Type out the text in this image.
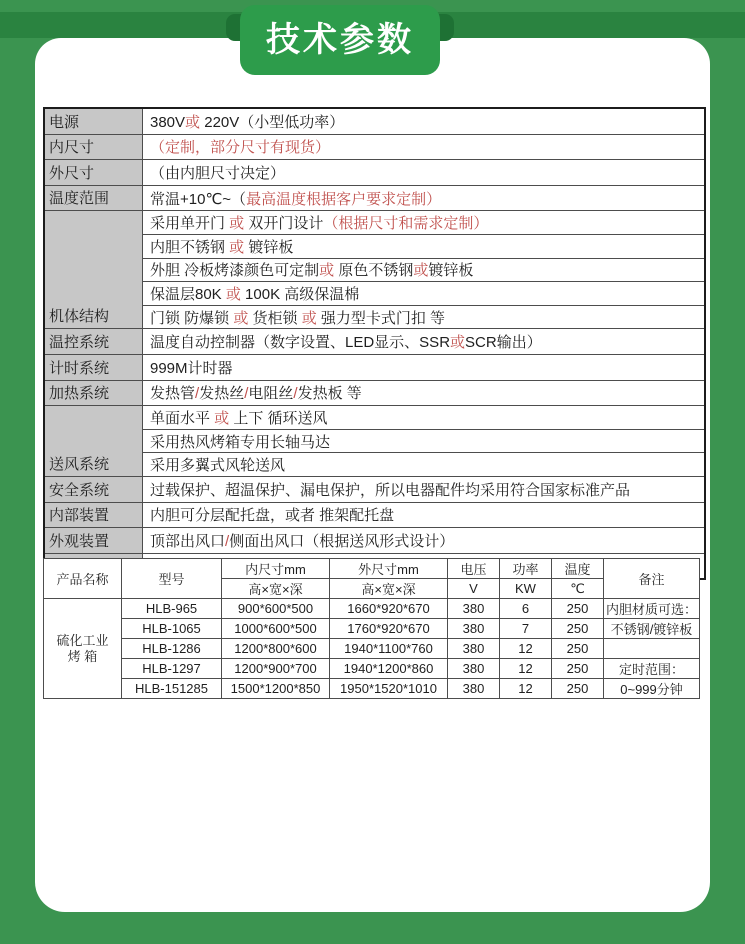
技术参数
电源	380V或 220V（小型低功率）
内尺寸	（定制，部分尺寸有现货）
外尺寸	（由内胆尺寸决定）
温度范围	常温+10℃~（最高温度根据客户要求定制）
机体结构	采用单开门 或 双开门设计（根据尺寸和需求定制）
	内胆不锈钢 或 镀锌板
	外胆 冷板烤漆颜色可定制或 原色不锈钢或镀锌板
	保温层80K 或 100K 高级保温棉
	门锁 防爆锁 或 货柜锁 或 强力型卡式门扣 等
温控系统	温度自动控制器（数字设置、LED显示、SSR或SCR输出）
计时系统	999M计时器
加热系统	发热管/发热丝/电阻丝/发热板 等
送风系统	单面水平 或 上下 循环送风
	采用热风烤箱专用长轴马达
	采用多翼式风轮送风
安全系统	过载保护、超温保护、漏电保护，所以电器配件均采用符合国家标准产品
内部装置	内胆可分层配托盘，或者 推架配托盘
外观装置	顶部出风口/侧面出风口（根据送风形式设计）

产品名称	型号	内尺寸mm	外尺寸mm	电压	功率	温度	备注
		高×宽×深	高×宽×深	V	KW	℃	
硫化工业
烤 箱	HLB-965	900*600*500	1660*920*670	380	6	250	内胆材质可选：
	HLB-1065	1000*600*500	1760*920*670	380	7	250	不锈钢/镀锌板
	HLB-1286	1200*800*600	1940*1100*760	380	12	250	
	HLB-1297	1200*900*700	1940*1200*860	380	12	250	定时范围：
	HLB-151285	1500*1200*850	1950*1520*1010	380	12	250	0~999分钟
